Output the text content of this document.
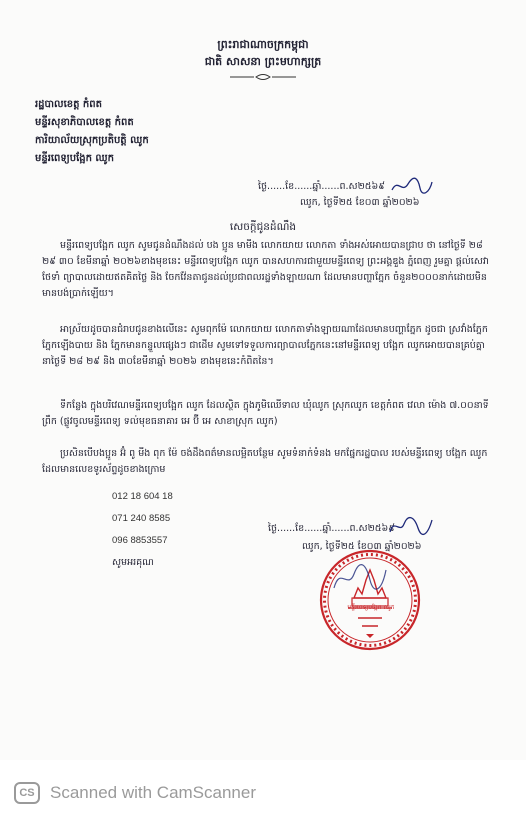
ព្រះរាជាណាចក្រកម្ពុជា
ជាតិ សាសនា ព្រះមហាក្សត្រ
រដ្ឋបាលខេត្ត កំពត
មន្ទីរសុខាភិបាលខេត្ត កំពត
ការិយាល័យស្រុកប្រតិបត្តិ ឈូក
មន្ទីរពេទ្យបង្អែក ឈូក
ថ្ងៃ......ខែ......ឆ្នាំ......ព.ស២៥៦៩
ឈូក, ថ្ងៃទី២៥ ខែ០៣ ឆ្នាំ២០២៦
សេចក្តីជូនដំណឹង
មន្ទីរពេទ្យបង្អែក ឈូក សូមជូនដំណឹងដល់ បង ប្អូន មាមីង លោកយាយ លោកតា ទាំងអស់អោយបានជ្រាប ថា នៅថ្ងៃទី ២៨ ២៩ ៣០ ខែមីនាឆ្នាំ ២០២៦ខាងមុខនេះ មន្ទីរពេទ្យបង្អែក ឈូក បានសហការជាមួយមន្ទីរពេទ្យ ព្រះអង្គឌួង ភ្នំពេញ រួមគ្នា ផ្តល់សេវាថែទាំ ព្យាបាលដោយឥតគិតថ្លៃ និង ចែកវ៉ែនតាជូនដល់ប្រជាពលរដ្ឋទាំងឡាយណា ដែលមានបញ្ហាភ្នែក ចំនួន២០០០នាក់ដោយមិនមានបង់ប្រាក់ឡើយ។
អាស្រ័យដូចបានជំរាបជូនខាងលើនេះ សូមពុកម៉ែ លោកយាយ លោកតាទាំងឡាយណាដែលមានបញ្ហាភ្នែក ដូចជា ស្រវាំងភ្នែក ភ្នែកឡើងបាយ និង ភ្នែកមានកន្ទួលផ្សេងៗ ជាដើម សូមទៅទទួលការព្យាបាលភ្នែកនេះនៅមន្ទីរពេទ្យ បង្អែក ឈូកអោយបានគ្រប់គ្នា នាថ្ងៃទី ២៨ ២៩ និង ៣០ខែមីនាឆ្នាំ ២០២៦ ខាងមុខនេះកំពិតនៃ។
ទីកន្លែង ក្នុងបរិវេណមន្ទីរពេទ្យបង្អែក ឈូក ដែលស្ថិត ក្នុងភូមិឈើទាល ឃុំឈូក ស្រុកឈូក ខេត្តកំពត វេលា ម៉ោង ៧.០០នាទីព្រឹក (ផ្លូវចូលមន្ទីរពេទ្យ ទល់មុខធនាគារ អេ ប៊ី អេ សាខាស្រុក ឈូក)
ប្រសិនបើបងប្អូន អ៊ំ ពូ មីង ពុក ម៉ែ ចង់ដឹងពត៌មានលម្អិតបន្ថែម សូមទំនាក់ទំនង មកផ្នែករដ្ឋបាល របស់មន្ទីរពេទ្យ បង្អែក ឈូក ដែលមានលេខទូរស័ព្ទដូចខាងក្រោម
012 18 604 18
071 240 8585
096 8853557
សូមអរគុណ
ថ្ងៃ......ខែ......ឆ្នាំ......ព.ស២៥៦៩
ឈូក, ថ្ងៃទី២៥ ខែ០៣ ឆ្នាំ២០២៦
មន្ទីរពេទ្យបង្អែក ឈូក
CS Scanned with CamScanner
